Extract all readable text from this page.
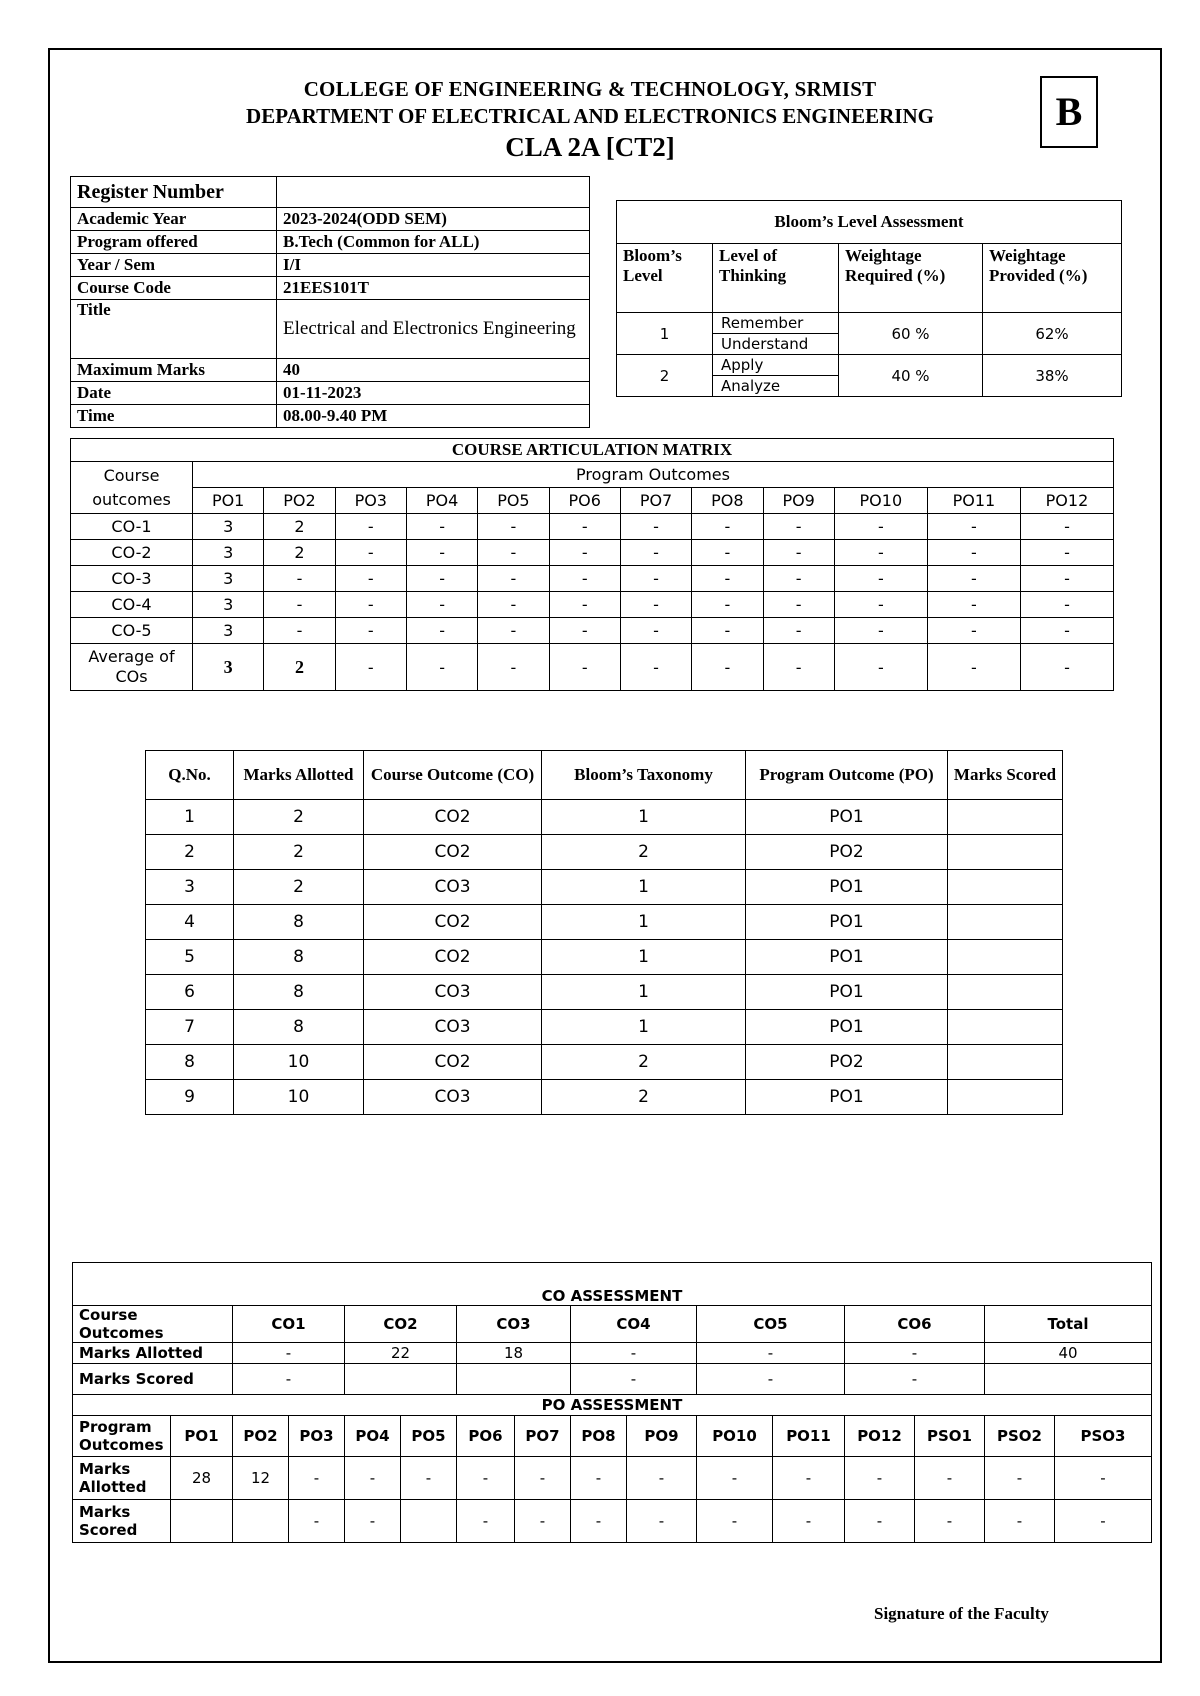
COLLEGE OF ENGINEERING & TECHNOLOGY, SRMIST
DEPARTMENT OF ELECTRICAL AND ELECTRONICS ENGINEERING
CLA 2A [CT2]
B
Register Number	
Academic Year	2023-2024(ODD SEM)
Program offered	B.Tech (Common for ALL)
Year / Sem	I/I
Course Code	21EES101T
Title	Electrical and Electronics Engineering
Maximum Marks	40
Date	01-11-2023
Time	08.00-9.40 PM
Bloom’s Level Assessment			
Bloom’s Level	Level of Thinking	Weightage Required (%)	Weightage Provided (%)
1	Remember	60 %	62%
	Understand		
2	Apply	40 %	38%
	Analyze		
COURSE ARTICULATION MATRIX												
Course outcomes	Program Outcomes											
	PO1	PO2	PO3	PO4	PO5	PO6	PO7	PO8	PO9	PO10	PO11	PO12
CO-1	3	2	-	-	-	-	-	-	-	-	-	-
CO-2	3	2	-	-	-	-	-	-	-	-	-	-
CO-3	3	-	-	-	-	-	-	-	-	-	-	-
CO-4	3	-	-	-	-	-	-	-	-	-	-	-
CO-5	3	-	-	-	-	-	-	-	-	-	-	-
Average of COs	3	2	-	-	-	-	-	-	-	-	-	-
Q.No.	Marks Allotted	Course Outcome (CO)	Bloom’s Taxonomy	Program Outcome (PO)	Marks Scored
1	2	CO2	1	PO1	
2	2	CO2	2	PO2	
3	2	CO3	1	PO1	
4	8	CO2	1	PO1	
5	8	CO2	1	PO1	
6	8	CO3	1	PO1	
7	8	CO3	1	PO1	
8	10	CO2	2	PO2	
9	10	CO3	2	PO1	
CO ASSESSMENT															
Course Outcomes		CO1		CO2		CO3		CO4		CO5		CO6		Total	
Marks Allotted		-		22		18		-		-		-		40	
Marks Scored		-						-		-		-			
PO ASSESSMENT															
Program Outcomes	PO1	PO2	PO3	PO4	PO5	PO6	PO7	PO8	PO9	PO10	PO11	PO12	PSO1	PSO2	PSO3
Marks Allotted	28	12	-	-	-	-	-	-	-	-	-	-	-	-	-
Marks Scored			-	-		-	-	-	-	-	-	-	-	-	-
Signature of the Faculty
